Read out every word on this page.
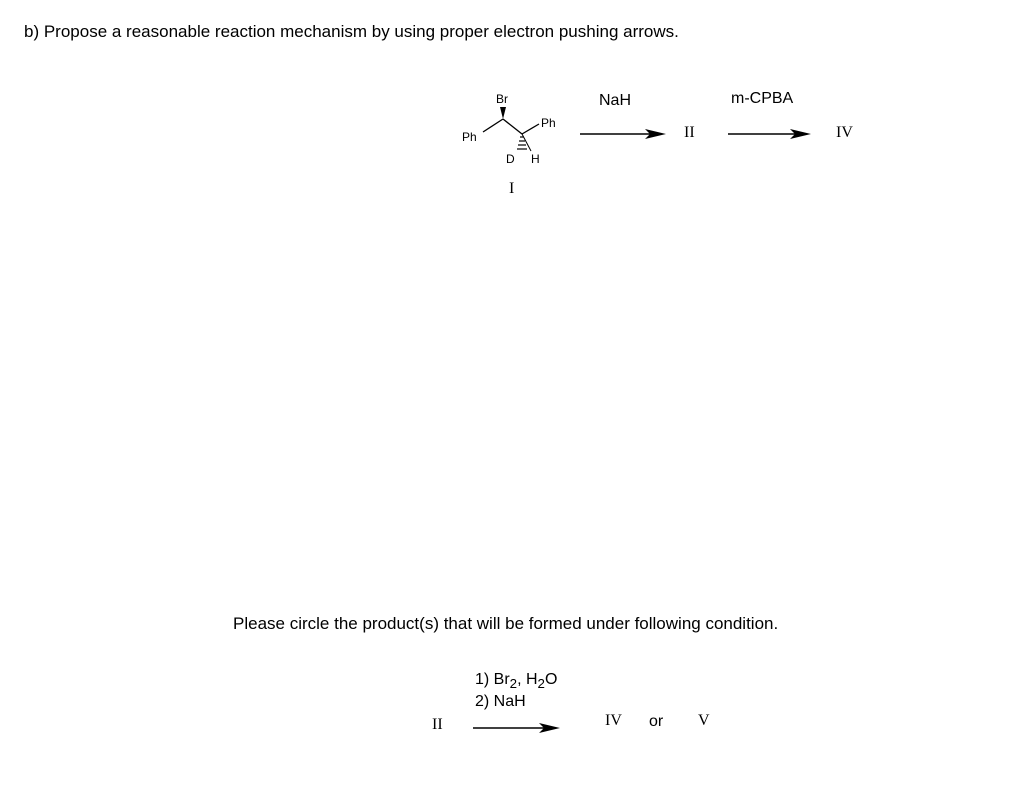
b) Propose a reasonable reaction mechanism by using proper electron pushing arrows.
Br
Ph
Ph
D H
I
NaH
II
m-CPBA
IV
Please circle the product(s) that will be formed under following condition.
II
1) $Br_2$, $H_2O$
2) NaH
IV or V
